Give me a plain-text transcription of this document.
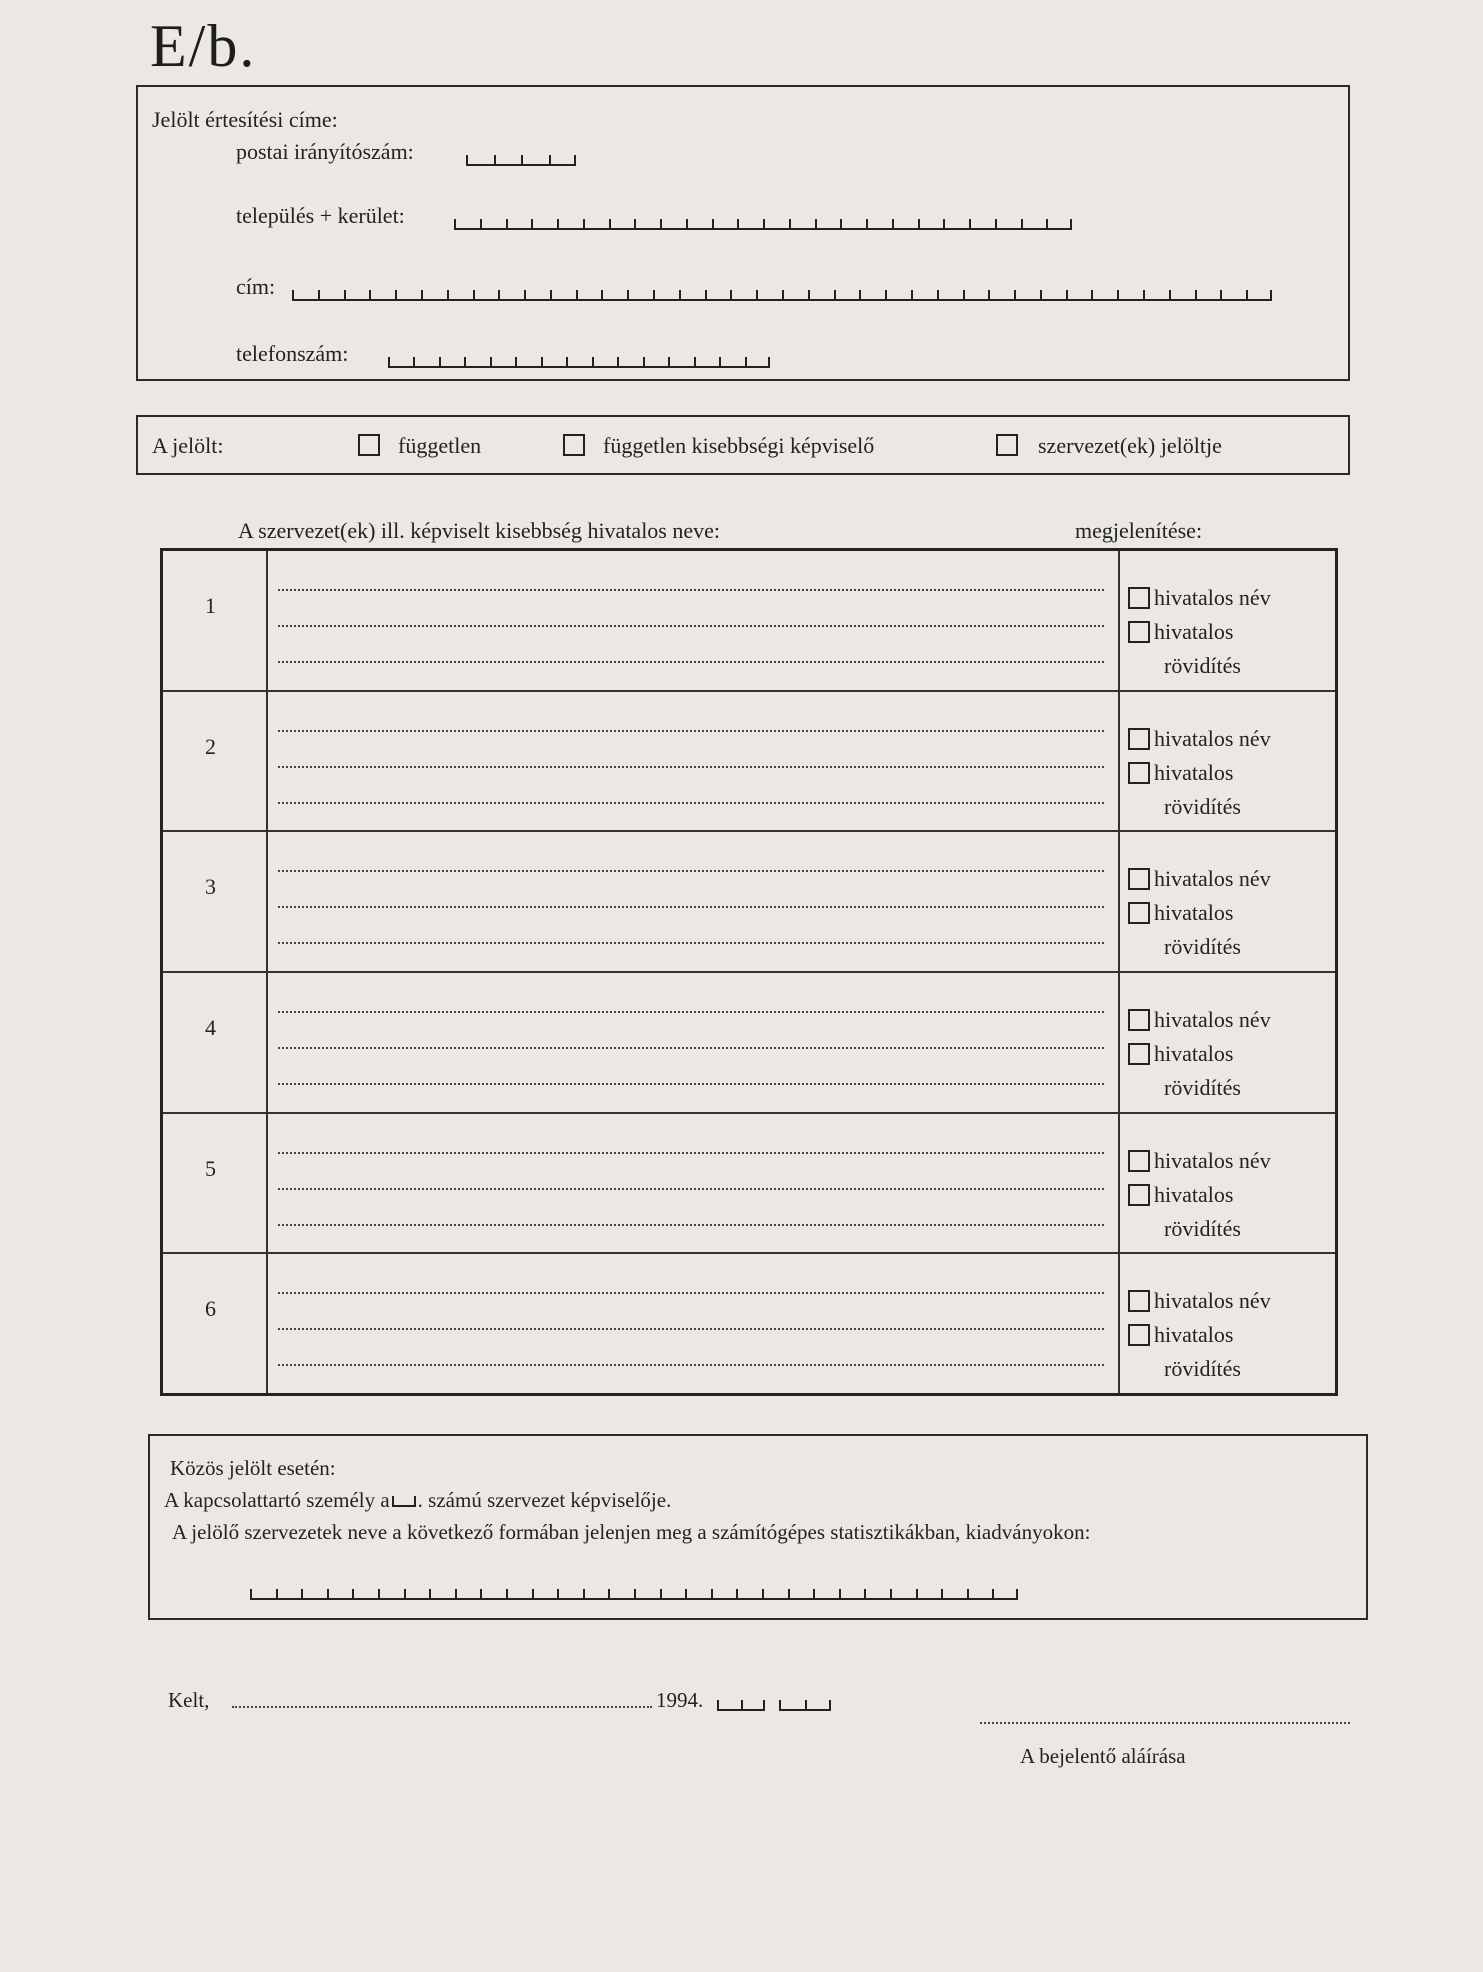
E/b.
Jelölt értesítési címe:
postai irányítószám:
település + kerület:
cím:
telefonszám:
A jelölt:	független	független kisebbségi képviselő	szervezet(ek) jelöltje
A szervezet(ek) ill. képviselt kisebbség hivatalos neve:	megjelenítése:
1		hivatalos név
hivatalos
rövidítés

2		hivatalos név
hivatalos
rövidítés

3		hivatalos név
hivatalos
rövidítés

4		hivatalos név
hivatalos
rövidítés

5		hivatalos név
hivatalos
rövidítés

6		hivatalos név
hivatalos
rövidítés
Közös jelölt esetén:
A kapcsolattartó személy a . számú szervezet képviselője.
A jelölő szervezetek neve a következő formában jelenjen meg a számítógépes statisztikákban, kiadványokon:
Kelt,	1994.
A bejelentő aláírása
